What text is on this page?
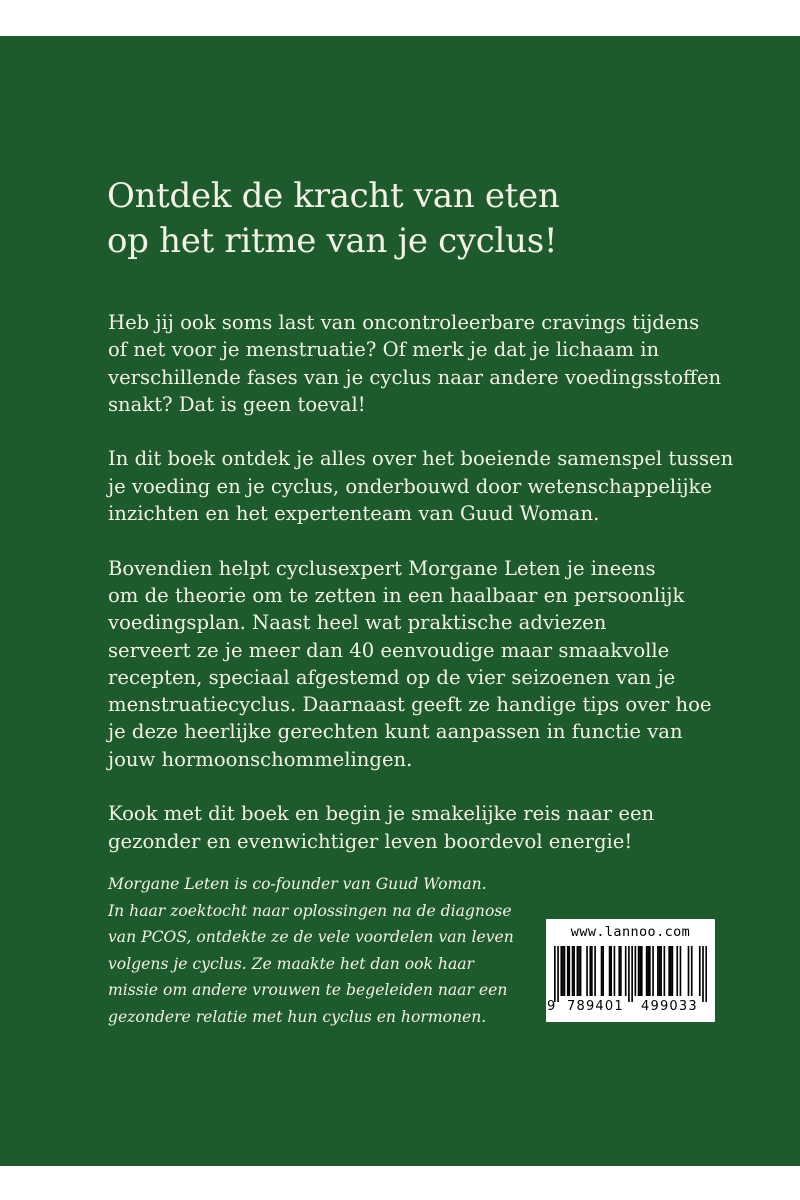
Ontdek de kracht van eten
op het ritme van je cyclus!

Heb jij ook soms last van oncontroleerbare cravings tijdens
of net voor je menstruatie? Of merk je dat je lichaam in
verschillende fases van je cyclus naar andere voedingsstoffen
snakt? Dat is geen toeval!

In dit boek ontdek je alles over het boeiende samenspel tussen
je voeding en je cyclus, onderbouwd door wetenschappelijke
inzichten en het expertenteam van Guud Woman.

Bovendien helpt cyclusexpert Morgane Leten je ineens
om de theorie om te zetten in een haalbaar en persoonlijk
voedingsplan. Naast heel wat praktische adviezen
serveert ze je meer dan 40 eenvoudige maar smaakvolle
recepten, speciaal afgestemd op de vier seizoenen van je
menstruatiecyclus. Daarnaast geeft ze handige tips over hoe
je deze heerlijke gerechten kunt aanpassen in functie van
jouw hormoonschommelingen.

Kook met dit boek en begin je smakelijke reis naar een
gezonder en evenwichtiger leven boordevol energie!

Morgane Leten is co-founder van Guud Woman.
In haar zoektocht naar oplossingen na de diagnose
van PCOS, ontdekte ze de vele voordelen van leven
volgens je cyclus. Ze maakte het dan ook haar
missie om andere vrouwen te begeleiden naar een
gezondere relatie met hun cyclus en hormonen.
www.lannoo.com
9 789401 499033
